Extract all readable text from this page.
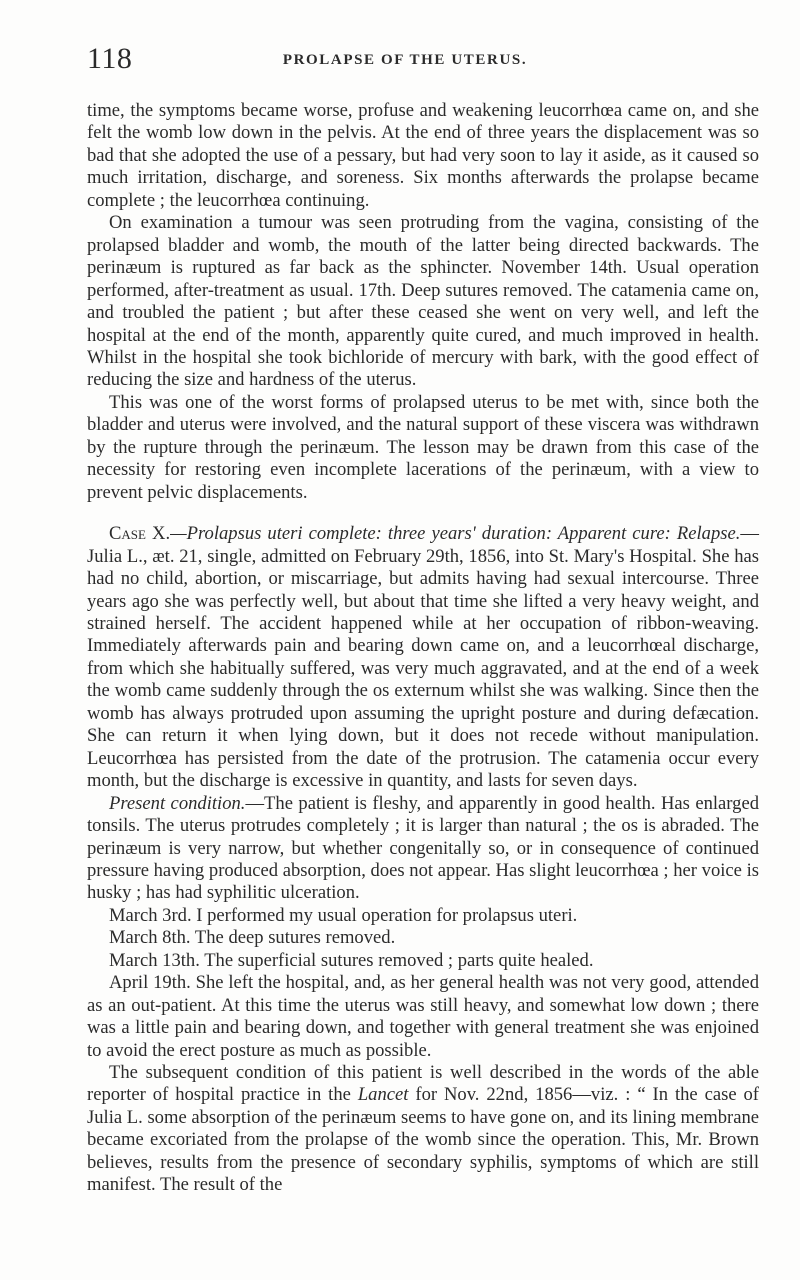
118	PROLAPSE OF THE UTERUS.

time, the symptoms became worse, profuse and weakening leucorrhœa came on, and she felt the womb low down in the pelvis. At the end of three years the displacement was so bad that she adopted the use of a pessary, but had very soon to lay it aside, as it caused so much irritation, discharge, and soreness. Six months afterwards the prolapse became complete ; the leucorrhœa continuing.

On examination a tumour was seen protruding from the vagina, consisting of the prolapsed bladder and womb, the mouth of the latter being directed backwards. The perinæum is ruptured as far back as the sphincter. November 14th. Usual operation performed, after-treatment as usual. 17th. Deep sutures removed. The catamenia came on, and troubled the patient ; but after these ceased she went on very well, and left the hospital at the end of the month, apparently quite cured, and much improved in health. Whilst in the hospital she took bichloride of mercury with bark, with the good effect of reducing the size and hardness of the uterus.

This was one of the worst forms of prolapsed uterus to be met with, since both the bladder and uterus were involved, and the natural support of these viscera was withdrawn by the rupture through the perinæum. The lesson may be drawn from this case of the necessity for restoring even incomplete lacerations of the perinæum, with a view to prevent pelvic displacements.

Case X.—Prolapsus uteri complete: three years' duration: Apparent cure: Relapse.—Julia L., æt. 21, single, admitted on February 29th, 1856, into St. Mary's Hospital. She has had no child, abortion, or miscarriage, but admits having had sexual intercourse. Three years ago she was perfectly well, but about that time she lifted a very heavy weight, and strained herself. The accident happened while at her occupation of ribbon-weaving. Immediately afterwards pain and bearing down came on, and a leucorrhœal discharge, from which she habitually suffered, was very much aggravated, and at the end of a week the womb came suddenly through the os externum whilst she was walking. Since then the womb has always protruded upon assuming the upright posture and during defæcation. She can return it when lying down, but it does not recede without manipulation. Leucorrhœa has persisted from the date of the protrusion. The catamenia occur every month, but the discharge is excessive in quantity, and lasts for seven days.

Present condition.—The patient is fleshy, and apparently in good health. Has enlarged tonsils. The uterus protrudes completely ; it is larger than natural ; the os is abraded. The perinæum is very narrow, but whether congenitally so, or in consequence of continued pressure having produced absorption, does not appear. Has slight leucorrhœa ; her voice is husky ; has had syphilitic ulceration.

March 3rd. I performed my usual operation for prolapsus uteri.

March 8th. The deep sutures removed.

March 13th. The superficial sutures removed ; parts quite healed.

April 19th. She left the hospital, and, as her general health was not very good, attended as an out-patient. At this time the uterus was still heavy, and somewhat low down ; there was a little pain and bearing down, and together with general treatment she was enjoined to avoid the erect posture as much as possible.

The subsequent condition of this patient is well described in the words of the able reporter of hospital practice in the Lancet for Nov. 22nd, 1856—viz. : “ In the case of Julia L. some absorption of the perinæum seems to have gone on, and its lining membrane became excoriated from the prolapse of the womb since the operation. This, Mr. Brown believes, results from the presence of secondary syphilis, symptoms of which are still manifest. The result of the
